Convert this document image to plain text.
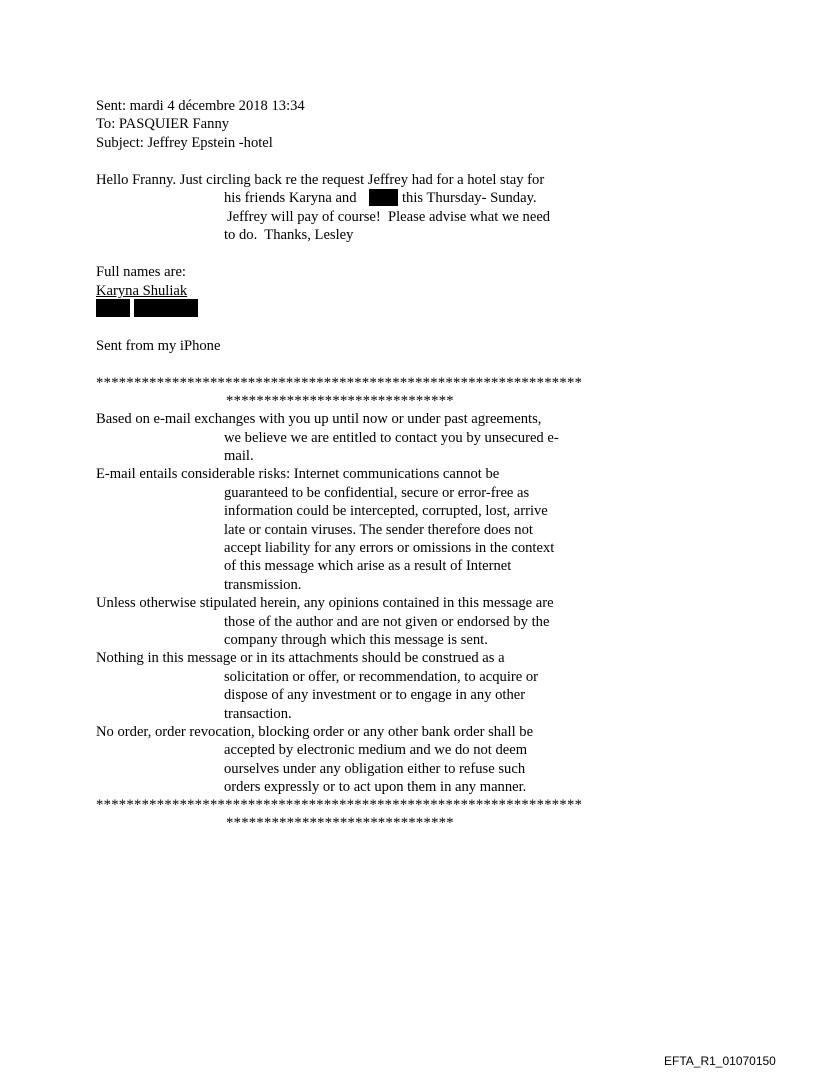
Sent: mardi 4 décembre 2018 13:34
To: PASQUIER Fanny
Subject: Jeffrey Epstein -hotel
Hello Franny. Just circling back re the request Jeffrey had for a hotel stay for
his friends Karyna and	this Thursday- Sunday.
Jeffrey will pay of course!  Please advise what we need
to do.  Thanks, Lesley
Full names are:
Karyna Shuliak
Sent from my iPhone
****************************************************************
******************************
Based on e-mail exchanges with you up until now or under past agreements,
we believe we are entitled to contact you by unsecured e-
mail.
E-mail entails considerable risks: Internet communications cannot be
guaranteed to be confidential, secure or error-free as
information could be intercepted, corrupted, lost, arrive
late or contain viruses. The sender therefore does not
accept liability for any errors or omissions in the context
of this message which arise as a result of Internet
transmission.
Unless otherwise stipulated herein, any opinions contained in this message are
those of the author and are not given or endorsed by the
company through which this message is sent.
Nothing in this message or in its attachments should be construed as a
solicitation or offer, or recommendation, to acquire or
dispose of any investment or to engage in any other
transaction.
No order, order revocation, blocking order or any other bank order shall be
accepted by electronic medium and we do not deem
ourselves under any obligation either to refuse such
orders expressly or to act upon them in any manner.
****************************************************************
******************************
EFTA_R1_01070150
